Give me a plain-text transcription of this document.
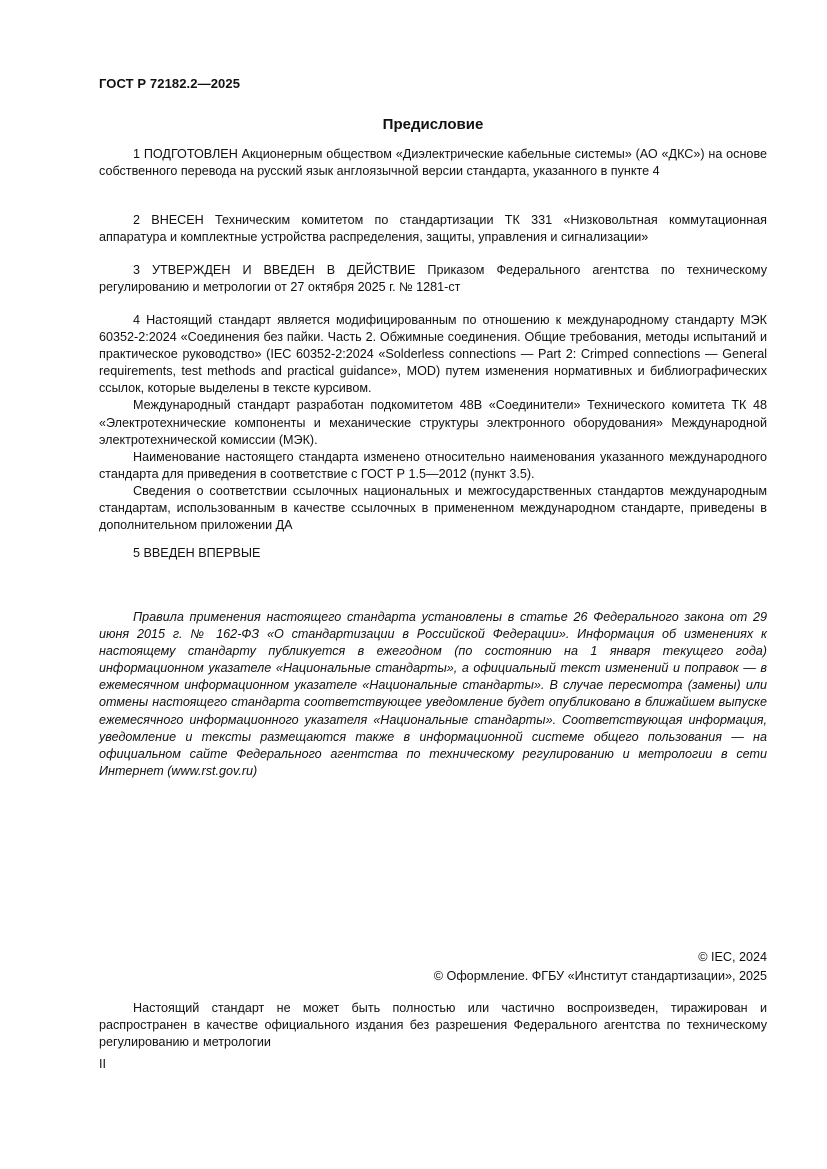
ГОСТ Р 72182.2—2025
Предисловие

1 ПОДГОТОВЛЕН Акционерным обществом «Диэлектрические кабельные системы» (АО «ДКС») на основе собственного перевода на русский язык англоязычной версии стандарта, указанного в пункте 4

2 ВНЕСЕН Техническим комитетом по стандартизации ТК 331 «Низковольтная коммутационная аппаратура и комплектные устройства распределения, защиты, управления и сигнализации»

3 УТВЕРЖДЕН И ВВЕДЕН В ДЕЙСТВИЕ Приказом Федерального агентства по техническому регулированию и метрологии от 27 октября 2025 г. № 1281-ст

4 Настоящий стандарт является модифицированным по отношению к международному стандарту МЭК 60352-2:2024 «Соединения без пайки. Часть 2. Обжимные соединения. Общие требования, методы испытаний и практическое руководство» (IEC 60352-2:2024 «Solderless connections — Part 2: Crimped connections — General requirements, test methods and practical guidance», MOD) путем изменения нормативных и библиографических ссылок, которые выделены в тексте курсивом.

Международный стандарт разработан подкомитетом 48B «Соединители» Технического комитета ТК 48 «Электротехнические компоненты и механические структуры электронного оборудования» Международной электротехнической комиссии (МЭК).

Наименование настоящего стандарта изменено относительно наименования указанного международного стандарта для приведения в соответствие с ГОСТ Р 1.5—2012 (пункт 3.5).

Сведения о соответствии ссылочных национальных и межгосударственных стандартов международным стандартам, использованным в качестве ссылочных в примененном международном стандарте, приведены в дополнительном приложении ДА

5 ВВЕДЕН ВПЕРВЫЕ

Правила применения настоящего стандарта установлены в статье 26 Федерального закона от 29 июня 2015 г. № 162-ФЗ «О стандартизации в Российской Федерации». Информация об изменениях к настоящему стандарту публикуется в ежегодном (по состоянию на 1 января текущего года) информационном указателе «Национальные стандарты», а официальный текст изменений и поправок — в ежемесячном информационном указателе «Национальные стандарты». В случае пересмотра (замены) или отмены настоящего стандарта соответствующее уведомление будет опубликовано в ближайшем выпуске ежемесячного информационного указателя «Национальные стандарты». Соответствующая информация, уведомление и тексты размещаются также в информационной системе общего пользования — на официальном сайте Федерального агентства по техническому регулированию и метрологии в сети Интернет (www.rst.gov.ru)

© IEC, 2024
© Оформление. ФГБУ «Институт стандартизации», 2025

Настоящий стандарт не может быть полностью или частично воспроизведен, тиражирован и распространен в качестве официального издания без разрешения Федерального агентства по техническому регулированию и метрологии

II
